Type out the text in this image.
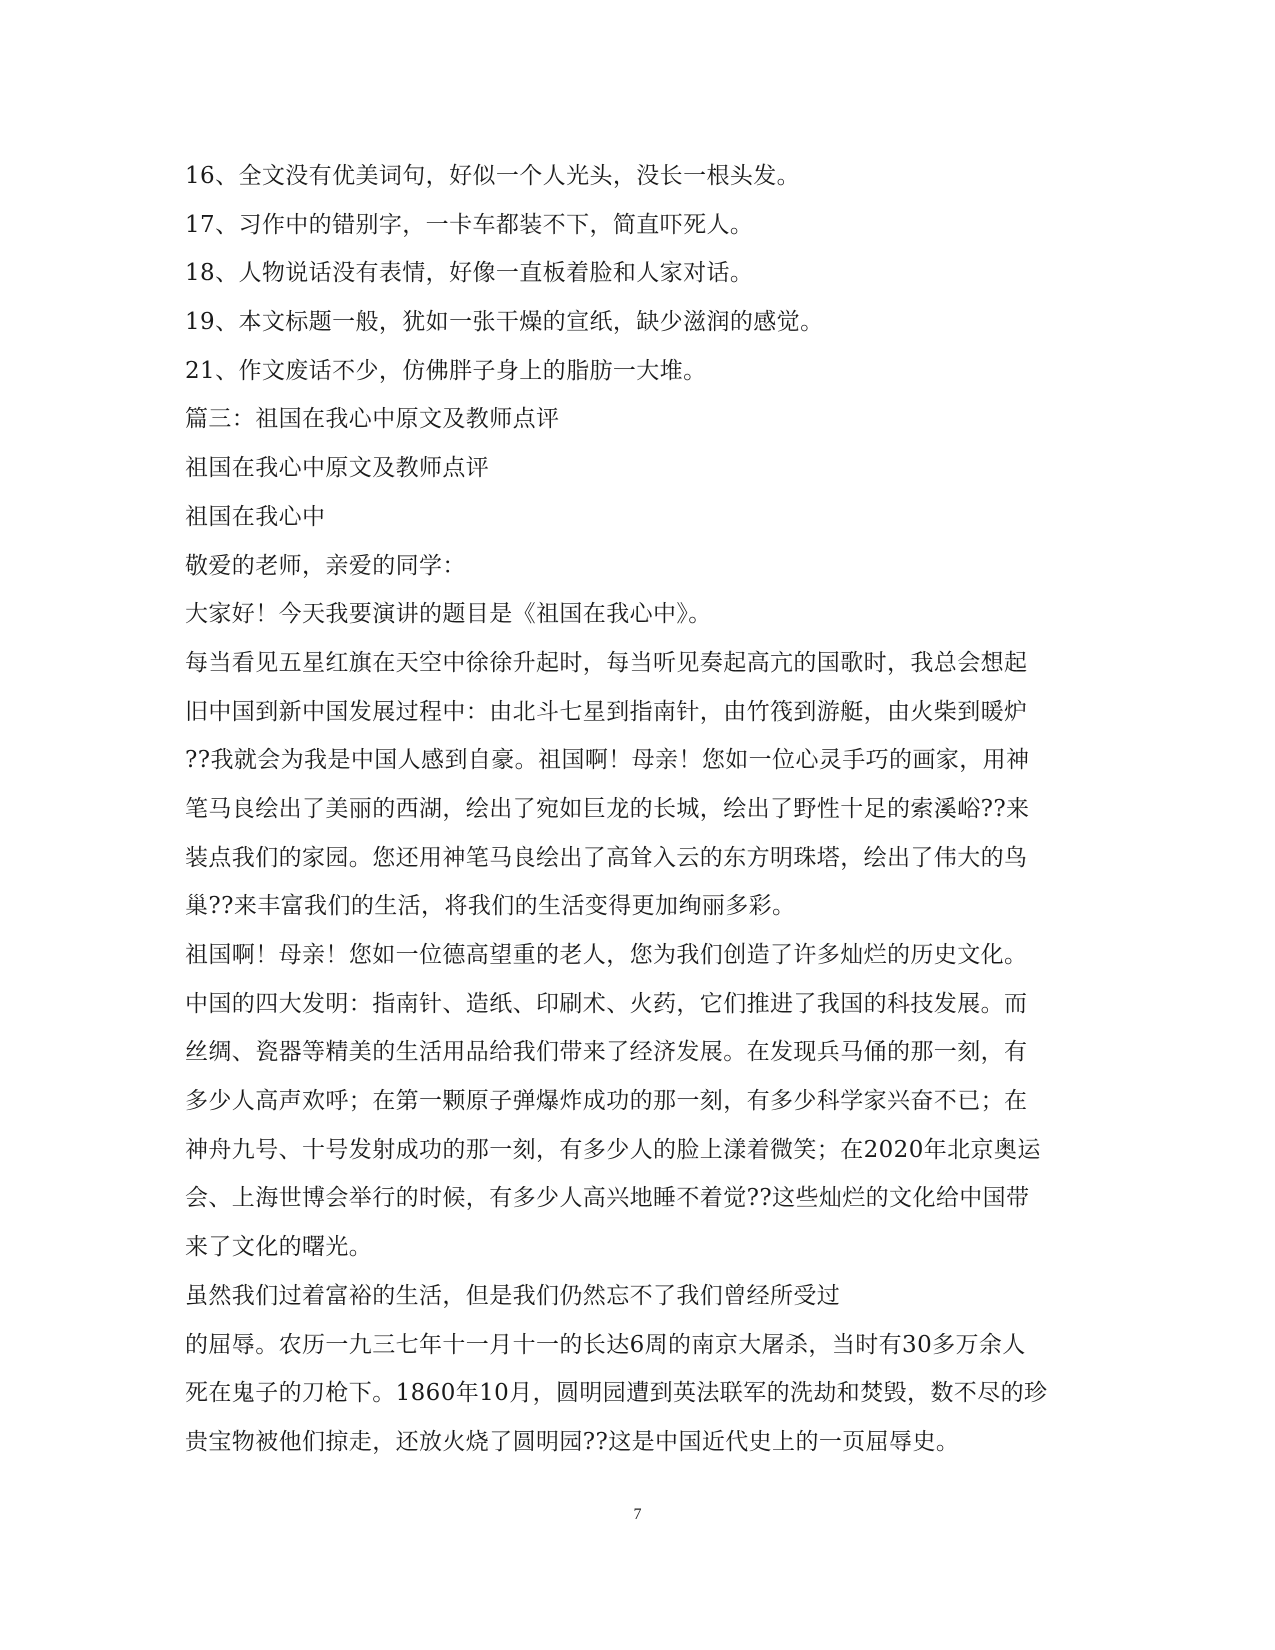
16、全文没有优美词句，好似一个人光头，没长一根头发。
17、习作中的错别字，一卡车都装不下，简直吓死人。
18、人物说话没有表情，好像一直板着脸和人家对话。
19、本文标题一般，犹如一张干燥的宣纸，缺少滋润的感觉。
21、作文废话不少，仿佛胖子身上的脂肪一大堆。
篇三：祖国在我心中原文及教师点评
祖国在我心中原文及教师点评
祖国在我心中
敬爱的老师，亲爱的同学：
大家好！今天我要演讲的题目是《祖国在我心中》。
每当看见五星红旗在天空中徐徐升起时，每当听见奏起高亢的国歌时，我总会想起
旧中国到新中国发展过程中：由北斗七星到指南针，由竹筏到游艇，由火柴到暖炉
??我就会为我是中国人感到自豪。祖国啊！母亲！您如一位心灵手巧的画家，用神
笔马良绘出了美丽的西湖，绘出了宛如巨龙的长城，绘出了野性十足的索溪峪??来
装点我们的家园。您还用神笔马良绘出了高耸入云的东方明珠塔，绘出了伟大的鸟
巢??来丰富我们的生活，将我们的生活变得更加绚丽多彩。
祖国啊！母亲！您如一位德高望重的老人，您为我们创造了许多灿烂的历史文化。
中国的四大发明：指南针、造纸、印刷术、火药，它们推进了我国的科技发展。而
丝绸、瓷器等精美的生活用品给我们带来了经济发展。在发现兵马俑的那一刻，有
多少人高声欢呼；在第一颗原子弹爆炸成功的那一刻，有多少科学家兴奋不已；在
神舟九号、十号发射成功的那一刻，有多少人的脸上漾着微笑；在2020年北京奥运
会、上海世博会举行的时候，有多少人高兴地睡不着觉??这些灿烂的文化给中国带
来了文化的曙光。
虽然我们过着富裕的生活，但是我们仍然忘不了我们曾经所受过
的屈辱。农历一九三七年十一月十一的长达6周的南京大屠杀，当时有30多万余人
死在鬼子的刀枪下。1860年10月，圆明园遭到英法联军的洗劫和焚毁，数不尽的珍
贵宝物被他们掠走，还放火烧了圆明园??这是中国近代史上的一页屈辱史。
7
